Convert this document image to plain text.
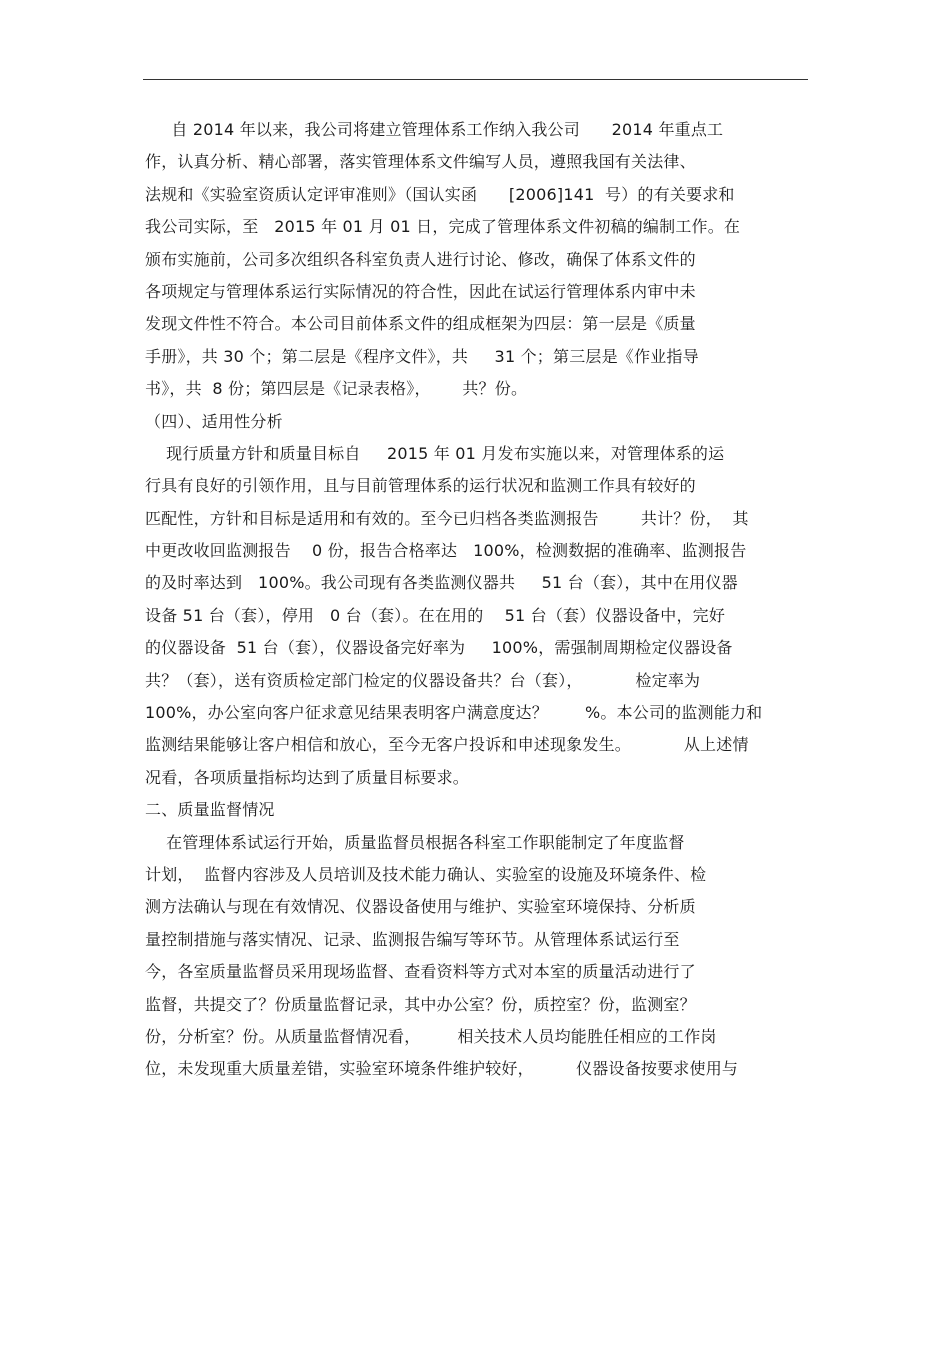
自 2014 年以来，我公司将建立管理体系工作纳入我公司      2014 年重点工
作，认真分析、精心部署，落实管理体系文件编写人员，遵照我国有关法律、
法规和《实验室资质认定评审准则》（国认实函      [2006]141  号）的有关要求和
我公司实际，至   2015 年 01 月 01 日，完成了管理体系文件初稿的编制工作。在
颁布实施前，公司多次组织各科室负责人进行讨论、修改，确保了体系文件的
各项规定与管理体系运行实际情况的符合性，因此在试运行管理体系内审中未
发现文件性不符合。本公司目前体系文件的组成框架为四层：第一层是《质量
手册》，共 30 个；第二层是《程序文件》，共     31 个；第三层是《作业指导
书》，共  8 份；第四层是《记录表格》，      共？份。
（四）、适用性分析
现行质量方针和质量目标自     2015 年 01 月发布实施以来，对管理体系的运
行具有良好的引领作用，且与目前管理体系的运行状况和监测工作具有较好的
匹配性，方针和目标是适用和有效的。至今已归档各类监测报告        共计？份，  其
中更改收回监测报告    0 份，报告合格率达   100%，检测数据的准确率、监测报告
的及时率达到   100%。我公司现有各类监测仪器共     51 台（套），其中在用仪器
设备 51 台（套），停用   0 台（套）。在在用的    51 台（套）仪器设备中，完好
的仪器设备  51 台（套），仪器设备完好率为     100%，需强制周期检定仪器设备
共？（套），送有资质检定部门检定的仪器设备共？台（套），          检定率为
100%，办公室向客户征求意见结果表明客户满意度达？       %。本公司的监测能力和
监测结果能够让客户相信和放心，至今无客户投诉和申述现象发生。          从上述情
况看，各项质量指标均达到了质量目标要求。
二、质量监督情况
在管理体系试运行开始，质量监督员根据各科室工作职能制定了年度监督
计划，  监督内容涉及人员培训及技术能力确认、实验室的设施及环境条件、检
测方法确认与现在有效情况、仪器设备使用与维护、实验室环境保持、分析质
量控制措施与落实情况、记录、监测报告编写等环节。从管理体系试运行至
今，各室质量监督员采用现场监督、查看资料等方式对本室的质量活动进行了
监督，共提交了？份质量监督记录，其中办公室？份，质控室？份，监测室？
份，分析室？份。从质量监督情况看，       相关技术人员均能胜任相应的工作岗
位，未发现重大质量差错，实验室环境条件维护较好，        仪器设备按要求使用与
